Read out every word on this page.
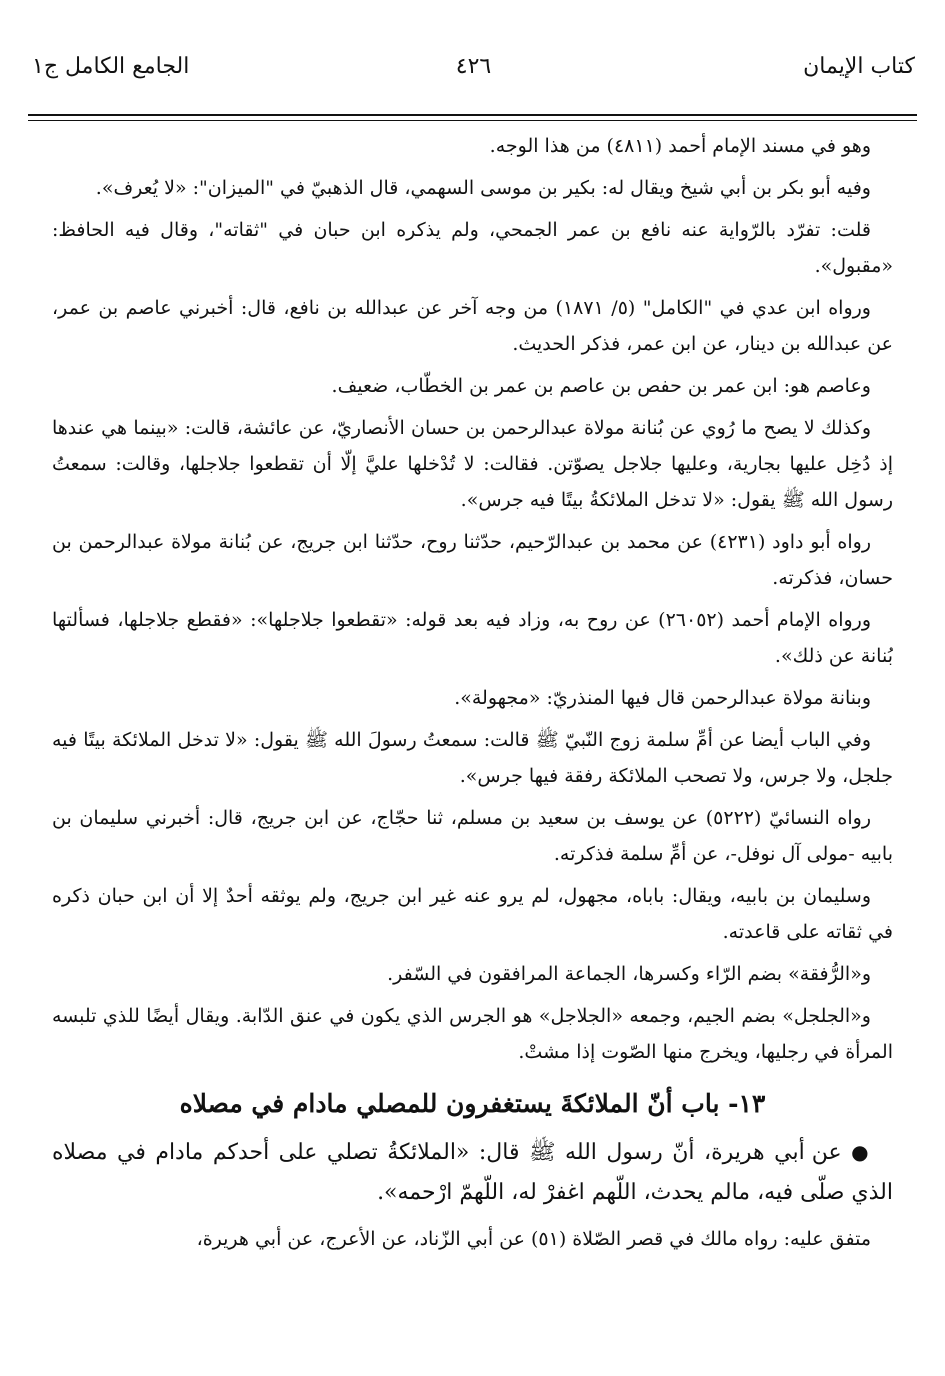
كتاب الإيمان
٤٢٦
الجامع الكامل ج١

وهو في مسند الإمام أحمد (٤٨١١) من هذا الوجه.

وفيه أبو بكر بن أبي شيخ ويقال له: بكير بن موسى السهمي، قال الذهبيّ في "الميزان": «لا يُعرف».

قلت: تفرّد بالرّواية عنه نافع بن عمر الجمحي، ولم يذكره ابن حبان في "ثقاته"، وقال فيه الحافظ: «مقبول».

ورواه ابن عدي في "الكامل" (٥/ ١٨٧١) من وجه آخر عن عبدالله بن نافع، قال: أخبرني عاصم بن عمر، عن عبدالله بن دينار، عن ابن عمر، فذكر الحديث.

وعاصم هو: ابن عمر بن حفص بن عاصم بن عمر بن الخطّاب، ضعيف.

وكذلك لا يصح ما رُوي عن بُنانة مولاة عبدالرحمن بن حسان الأنصاريّ، عن عائشة، قالت: «بينما هي عندها إذ دُخِل عليها بجارية، وعليها جلاجل يصوّتن. فقالت: لا تُدْخلها عليَّ إلّا أن تقطعوا جلاجلها، وقالت: سمعتُ رسول الله ﷺ يقول: «لا تدخل الملائكةُ بيتًا فيه جرس».

رواه أبو داود (٤٢٣١) عن محمد بن عبدالرّحيم، حدّثنا روح، حدّثنا ابن جريج، عن بُنانة مولاة عبدالرحمن بن حسان، فذكرته.

ورواه الإمام أحمد (٢٦٠٥٢) عن روح به، وزاد فيه بعد قوله: «تقطعوا جلاجلها»: «فقطع جلاجلها، فسألتها بُنانة عن ذلك».

وبنانة مولاة عبدالرحمن قال فيها المنذريّ: «مجهولة».

وفي الباب أيضا عن أمِّ سلمة زوج النّبيّ ﷺ قالت: سمعتُ رسولَ الله ﷺ يقول: «لا تدخل الملائكة بيتًا فيه جلجل، ولا جرس، ولا تصحب الملائكة رفقة فيها جرس».

رواه النسائيّ (٥٢٢٢) عن يوسف بن سعيد بن مسلم، ثنا حجّاج، عن ابن جريج، قال: أخبرني سليمان بن بابيه -مولى آل نوفل-، عن أمِّ سلمة فذكرته.

وسليمان بن بابيه، ويقال: باباه، مجهول، لم يرو عنه غير ابن جريج، ولم يوثقه أحدٌ إلا أن ابن حبان ذكره في ثقاته على قاعدته.

و«الرُّفقة» بضم الرّاء وكسرها، الجماعة المرافقون في السّفر.

و«الجلجل» بضم الجيم، وجمعه «الجلاجل» هو الجرس الذي يكون في عنق الدّابة. ويقال أيضًا للذي تلبسه المرأة في رجليها، ويخرج منها الصّوت إذا مشتْ.

١٣- باب أنّ الملائكةَ يستغفرون للمصلي مادام في مصلاه

● عن أبي هريرة، أنّ رسول الله ﷺ قال: «الملائكةُ تصلي على أحدكم مادام في مصلاه الذي صلّى فيه، مالم يحدث، اللّهم اغفرْ له، اللّهمّ ارْحمه».

متفق عليه: رواه مالك في قصر الصّلاة (٥١) عن أبي الزّناد، عن الأعرج، عن أبي هريرة،
